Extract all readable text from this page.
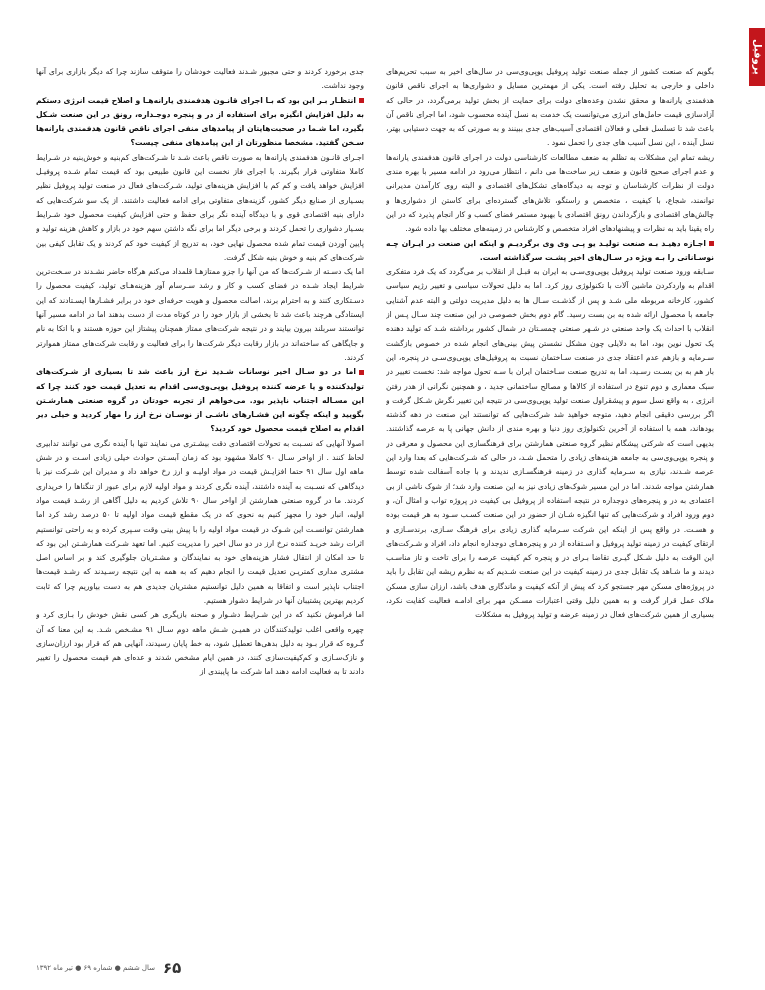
پروفیل

بگویم که صنعت کشور از جمله صنعت تولید پروفیل یوپی‌وی‌سی در سال‌های اخیر به سبب تحریم‌های داخلی و خارجی به تحلیل رفته است. یکی از مهمترین مسایل و دشواری‌ها به اجرای ناقص قانون هدفمندی یارانه‌ها و محقق نشدن وعده‌های دولت برای حمایت از بخش تولید برمی‌گردد، در حالی که آزادسازی قیمت حامل‌های انرژی می‌توانست یک خدمت به نسل آینده محسوب شود، اما اجرای ناقص آن باعث شد تا تسلسل فعلی و فعالان اقتصادی آسیب‌های جدی ببینند و به صورتی که به جهت دستیابی بهتر، نسل آینده ، این نسل آسیب های جدی را تحمل نمود .

ریشه تمام این مشکلات به تظلم به ضعف مطالعات کارشناسی دولت در اجرای قانون هدفمندی یارانه‌ها و عدم اجرای صحیح قانون و ضعف زیر ساخت‌ها می دانم ، انتظار می‌رود در ادامه مسیر با بهره مندی دولت از نظرات کارشناسان و توجه به دیدگاه‌های تشکل‌های اقتصادی و البته روی کارآمدن مدیرانی توانمند، شجاع، با کیفیت ، متخصص و راستگو، تلاش‌های گسترده‌ای برای کاستن از دشواری‌ها و چالش‌های اقتصادی و بازگرداندن رونق اقتصادی با بهبود مستمر فضای کسب و کار انجام پذیرد که در این راه یقینا باید به نظرات و پیشنهادهای افراد متخصص و کارشناس در زمینه‌های مختلف بها داده شود.

اجـازه دهیـد بـه صنعت تولیـد یو پـی وی وی برگردیـم و اینکه این صنعت در ایـران چـه نوسـاناتی را بـه ویژه در سـال‌های اخیر پشـت سرگذاشته است.

سـابقه ورود صنعت تولید پروفیل یوپی‌وی‌سـی به ایران به قبـل از انقلاب بر می‌گردد که یک فرد متفکری اقدام به واردکردن ماشین آلات با تکنولوژی روز کرد. اما به دلیل تحولات سیاسی و تغییر رژیم سیاسی کشور، کارخانه مربوطه ملی شـد و پس از گذشـت سـال ها به دلیل مدیریت دولتی و البته عدم آشنایی جامعه با محصول ارائه شده به بن بست رسید. گام دوم بخش خصوصی در این صنعت چند سـال پـس از انقلاب با احداث یک واحد صنعتی در شـهر صنعتی چمسـتان در شمال کشور برداشته شـد که تولید دهنده یک تحول نوین بود، اما به دلایلی چون مشکل نشستن پیش بینی‌های انجام شده در خصوص بازگشت سـرمایه و بازهم عدم اعتقاد جدی در صنعت سـاختمان نسبت به پروفیل‌های یوپی‌وی‌سـی در پنجره، این بار هم به بن بسـت رسـید، اما به تدریج صنعت سـاختمان ایران با سـه تحول مواجه شد: نخست تغییر در سبک معماری و دوم تنوع در استفاده از کالاها و مصالح ساختمانی جدید ، و همچنین نگرانی از هدر رفتن انرژی ، به واقع نسل سوم و پیشقراول صنعت تولید یوپی‌وی‌سی در نتیجه این تغییر نگرش شـکل گرفت و اگر بررسی دقیقی انجام دهید، متوجه خواهید شد شرکت‌هایی که توانستند این صنعت در دهه گذشته بودهاند، همه با استفاده از آخرین تکنولوژی روز دنیا و بهره مندی از دانش جهانی پا به عرصه گذاشتند. بدیهی است که شرکتی پیشگام نظیر گروه صنعتی همارشتن برای فرهنگسازی این محصول و معرفی در و پنجره یوپی‌وی‌سی به جامعه هزینه‌های زیادی را متحمل شـد، در حالی که شـرکت‌هایی که بعدا وارد این عرصه شـدند، نیازی به سـرمایه گذاری در زمینه فرهنگسـازی ندیدند و با جاده آسفالت شده توسط همارشتن مواجه شدند. اما در این مسیر شوک‌های زیادی نیز به این صنعت وارد شد؛ از شوک ناشی از بی اعتمادی به در و پنجره‌های دوجداره در نتیجه استفاده از پروفیل بی کیفیت در پروژه تواب و امثال آن، و دوم ورود افراد و شرکت‌هایی که تنها انگیزه شـان از حضور در این صنعت کسـب سـود به هر قیمت بوده و هسـت. در واقع پس از اینکه این شرکت سـرمایه گذاری زیادی برای فرهنگ سـازی، برندسـازی و ارتقای کیفیت در زمینه تولید پروفیل و اسـتفاده از در و پنجره‌هـای دوجداره انجام داد، افراد و شـرکت‌های این الوقت به دلیل شـکل گیـری تقاضا بـرای در و پنجره کم کیفیت عرصه را برای تاخت و تاز مناسـب دیدند و ما شـاهد یک تقابل جدی در زمینه کیفیت در این صنعت شـدیم که به نظرم ریشه این تقابل را باید در پروژه‌های مسکن مهر جستجو کرد که پیش از آنکه کیفیت و ماندگاری هدف باشد، ارزان سازی مسکن ملاک عمل قرار گرفت و به همین دلیل وقتی اعتبارات مسـکن مهر برای ادامـه فعالیت کفایت نکرد، بسیاری از همین شرکت‌های فعال در زمینه عرضه و تولید پروفیل به مشکلات

جدی برخورد کردند و حتی مجبور شـدند فعالیت خودشان را متوقف سازند چرا که دیگر بازاری برای آنها وجود نداشت.

انتظـار بـر این بود که بـا اجرای قانـون هدفمندی یارانه‌هـا و اصلاح قیمت انرژی دستکم به دلیل افزایش انگیزه برای استفاده از در و پنجره دوجـداره، رونق در این صنعت شـکل بگیرد، اما شـما در صحبت‌هایتان از پیامدهای منفی اجرای ناقص قانون هدفمندی یارانه‌ها سـخن گفتید. مشخصا منظورتان از این پیامدهای منفی چیست؟

اجـرای قانـون هدفمندی یارانه‌ها به صورت ناقص باعث شـد تا شـرکت‌های کم‌بنیه و خوش‌بنیه در شـرایط کاملا متفاوتی قرار بگیرند. با اجرای فاز نخست این قانون طبیعی بود که قیمت تمام شـده پروفیـل افزایش خواهد یافت و کم کم با افزایش هزینه‌های تولید، شـرکت‌های فعال در صنعت تولید پروفیل نظیر بسـیاری از صنایع دیگر کشور، گزینه‌های متفاوتی برای ادامه فعالیت داشتند. از یک سو شرکت‌هایی که دارای بنیه اقتصادی قوی و با دیدگاه آینده نگر برای حفظ و حتی افزایش کیفیت محصول خود شـرایط بسـیار دشواری را تحمل کردند و برخی دیگر اما برای نگه داشتن سهم خود در بازار و کاهش هزینه تولید و پایین آوردن قیمت تمام شده محصول نهایی خود، به تدریج از کیفیت خود کم کردند و یک تقابل کیفی بین شرکت‌های کم بنیه و خوش بنیه شکل گرفت.

اما یک دسـته از شـرکت‌ها که من آنها را جزو ممتازهـا قلمداد می‌کنم هرگاه حاضر نشـدند در سـخت‌ترین شرایط ایجاد شـده در فضای کسب و کار و رشد سـرسام آور هزینه‌هـای تولید، کیفیت محصول را دسـتکاری کنند و به احترام برند، اصالت محصول و هویت حرفه‌ای خود در برابر فشـارها ایسـتادند که این ایستادگی هرچند باعث شد تا بخشی از بازار خود را در کوتاه مدت از دست بدهند اما در ادامه مسیر آنها توانستند سربلند بیرون بیایند و در نتیجه شرکت‌های ممتاز همچنان پیشتاز این حوزه هستند و با اتکا به نام و جایگاهی که ساخته‌اند در بازار رقابت دیگر شرکت‌ها را برای فعالیت و رقابت شرکت‌های ممتاز هموارتر کردند.

اما در دو سـال اخیر نوسانات شـدید نرخ ارز باعث شد تا بسیاری از شـرکت‌های تولیدکننده و یا عرضه کننده پروفیل یوپی‌وی‌سی اقدام به تعدیل قیمت خود کنند چرا که این مسـاله اجتناب ناپذیر بود. می‌خواهم از تجربه خودتان در گروه صنعتی همارشـتن بگویید و اینکه چگونه این فشـارهای ناشـی از نوسـان نرخ ارز را مهار کردید و خیلی دیر اقدام به اصلاح قیمت محصول خود کردید؟

اصولا آنهایی که نسـبت به تحولات اقتصادی دقت بیشـتری می نمایند تنها با آینده نگری می توانند تدابیری لحاظ کنند . از اواخر سـال ۹۰ کاملا مشهود بود که زمان آبسـتن حوادث خیلی زیادی اسـت و در شش ماهه اول سال ۹۱ حتما افزایـش قیمت در مواد اولیـه و ارز رخ خواهد داد و مدیران این شـرکت نیز با دیدگاهی که نسـبت به آینده داشتند، آینده نگری کردند و مواد اولیه لازم برای عبور از تنگناها را خریداری کردند. ما در گروه صنعتی همارشتن از اواخر سال ۹۰ تلاش کردیم به دلیل آگاهی از رشـد قیمت مواد اولیه، انبار خود را مجهز کنیم به نحوی که در یک مقطع قیمت مواد اولیه تا ۵۰ درصد رشد کرد اما همارشتن توانسـت این شـوک در قیمت مواد اولیه را با پیش بینی وقت سـپری کرده و به راحتی توانستیم اثرات رشد خریـد کننده نرخ ارز در دو سال اخیر را مدیریت کنیم. اما تعهد شـرکت همارشـتن این بود که تا حد امکان از انتقال فشار هزینه‌های خود به نمایندگان و مشـتریان جلوگیری کند و بر اساس اصل مشتری مداری کمتریـن تعدیل قیمت را انجام دهیم که به همه به این نتیجه رسـیدند که رشـد قیمت‌ها اجتناب ناپذیر است و اتفاقا به همین دلیل توانستیم مشتریان جدیدی هم به دست بیاوریم چرا که ثابت کردیم بهترین پشتیبان آنها در شرایط دشوار هستیم.

اما فراموش نکنید که در این شـرایط دشـوار و صحنه بازیگری هر کسی نقش خودش را بـازی کرد و چهره واقعی اغلب تولیدکنندگان در همیـن شـش ماهه دوم سـال ۹۱ مشـخص شـد. به این معنا که آن گـروه که قرار بـود به دلیل بدهی‌ها تعطیل شود، به خط پایان رسیدند، آنهایی هم که قرار بود ارزان‌سازی و نازک‌سـازی و کم‌کیفیت‌سازی کنند، در همین ایام مشخص شدند و عده‌ای هم قیمت محصول را تغییر دادند تا به فعالیت ادامه دهند اما شرکت ما پایبندی از

۶۵
سال ششم ● شماره ۶۹ ● تیر ماه ۱۳۹۲
